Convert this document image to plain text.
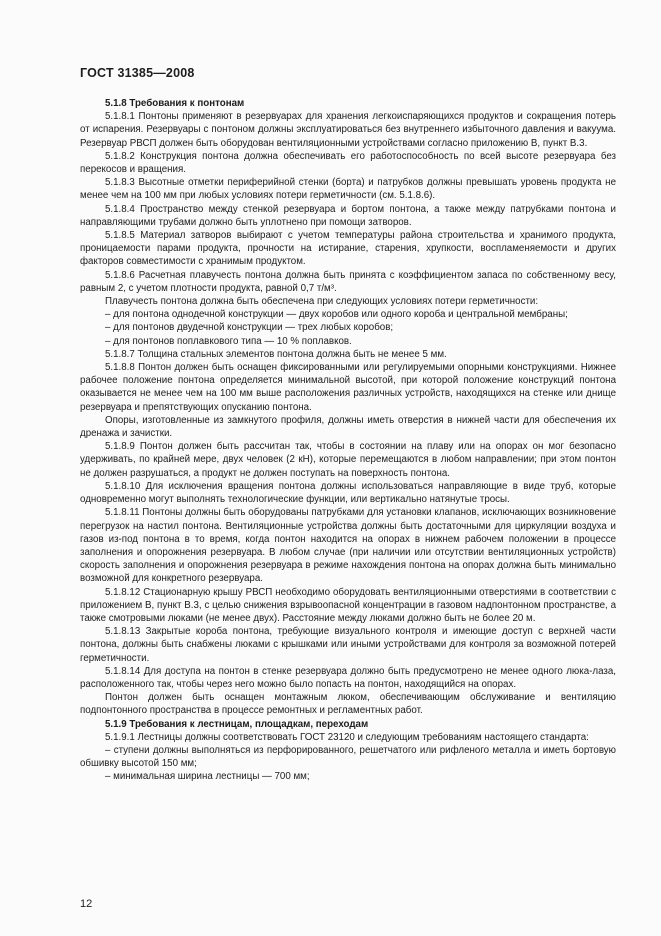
ГОСТ 31385—2008

5.1.8 Требования к понтонам

5.1.8.1 Понтоны применяют в резервуарах для хранения легкоиспаряющихся продуктов и сокращения потерь от испарения. Резервуары с понтоном должны эксплуатироваться без внутреннего избыточного давления и вакуума. Резервуар РВСП должен быть оборудован вентиляционными устройствами согласно приложению В, пункт В.3.

5.1.8.2 Конструкция понтона должна обеспечивать его работоспособность по всей высоте резервуара без перекосов и вращения.

5.1.8.3 Высотные отметки периферийной стенки (борта) и патрубков должны превышать уровень продукта не менее чем на 100 мм при любых условиях потери герметичности (см. 5.1.8.6).

5.1.8.4 Пространство между стенкой резервуара и бортом понтона, а также между патрубками понтона и направляющими трубами должно быть уплотнено при помощи затворов.

5.1.8.5 Материал затворов выбирают с учетом температуры района строительства и хранимого продукта, проницаемости парами продукта, прочности на истирание, старения, хрупкости, воспламеняемости и других факторов совместимости с хранимым продуктом.

5.1.8.6 Расчетная плавучесть понтона должна быть принята с коэффициентом запаса по собственному весу, равным 2, с учетом плотности продукта, равной 0,7 т/м³.

Плавучесть понтона должна быть обеспечена при следующих условиях потери герметичности:

– для понтона однодечной конструкции — двух коробов или одного короба и центральной мембраны;

– для понтонов двудечной конструкции — трех любых коробов;

– для понтонов поплавкового типа — 10 % поплавков.

5.1.8.7 Толщина стальных элементов понтона должна быть не менее 5 мм.

5.1.8.8 Понтон должен быть оснащен фиксированными или регулируемыми опорными конструкциями. Нижнее рабочее положение понтона определяется минимальной высотой, при которой положение конструкций понтона оказывается не менее чем на 100 мм выше расположения различных устройств, находящихся на стенке или днище резервуара и препятствующих опусканию понтона.

Опоры, изготовленные из замкнутого профиля, должны иметь отверстия в нижней части для обеспечения их дренажа и зачистки.

5.1.8.9 Понтон должен быть рассчитан так, чтобы в состоянии на плаву или на опорах он мог безопасно удерживать, по крайней мере, двух человек (2 кН), которые перемещаются в любом направлении; при этом понтон не должен разрушаться, а продукт не должен поступать на поверхность понтона.

5.1.8.10 Для исключения вращения понтона должны использоваться направляющие в виде труб, которые одновременно могут выполнять технологические функции, или вертикально натянутые тросы.

5.1.8.11 Понтоны должны быть оборудованы патрубками для установки клапанов, исключающих возникновение перегрузок на настил понтона. Вентиляционные устройства должны быть достаточными для циркуляции воздуха и газов из-под понтона в то время, когда понтон находится на опорах в нижнем рабочем положении в процессе заполнения и опорожнения резервуара. В любом случае (при наличии или отсутствии вентиляционных устройств) скорость заполнения и опорожнения резервуара в режиме нахождения понтона на опорах должна быть минимально возможной для конкретного резервуара.

5.1.8.12 Стационарную крышу РВСП необходимо оборудовать вентиляционными отверстиями в соответствии с приложением В, пункт В.3, с целью снижения взрывоопасной концентрации в газовом надпонтонном пространстве, а также смотровыми люками (не менее двух). Расстояние между люками должно быть не более 20 м.

5.1.8.13 Закрытые короба понтона, требующие визуального контроля и имеющие доступ с верхней части понтона, должны быть снабжены люками с крышками или иными устройствами для контроля за возможной потерей герметичности.

5.1.8.14 Для доступа на понтон в стенке резервуара должно быть предусмотрено не менее одного люка-лаза, расположенного так, чтобы через него можно было попасть на понтон, находящийся на опорах.

Понтон должен быть оснащен монтажным люком, обеспечивающим обслуживание и вентиляцию подпонтонного пространства в процессе ремонтных и регламентных работ.

5.1.9 Требования к лестницам, площадкам, переходам

5.1.9.1 Лестницы должны соответствовать ГОСТ 23120 и следующим требованиям настоящего стандарта:

– ступени должны выполняться из перфорированного, решетчатого или рифленого металла и иметь бортовую обшивку высотой 150 мм;

– минимальная ширина лестницы — 700 мм;

12
